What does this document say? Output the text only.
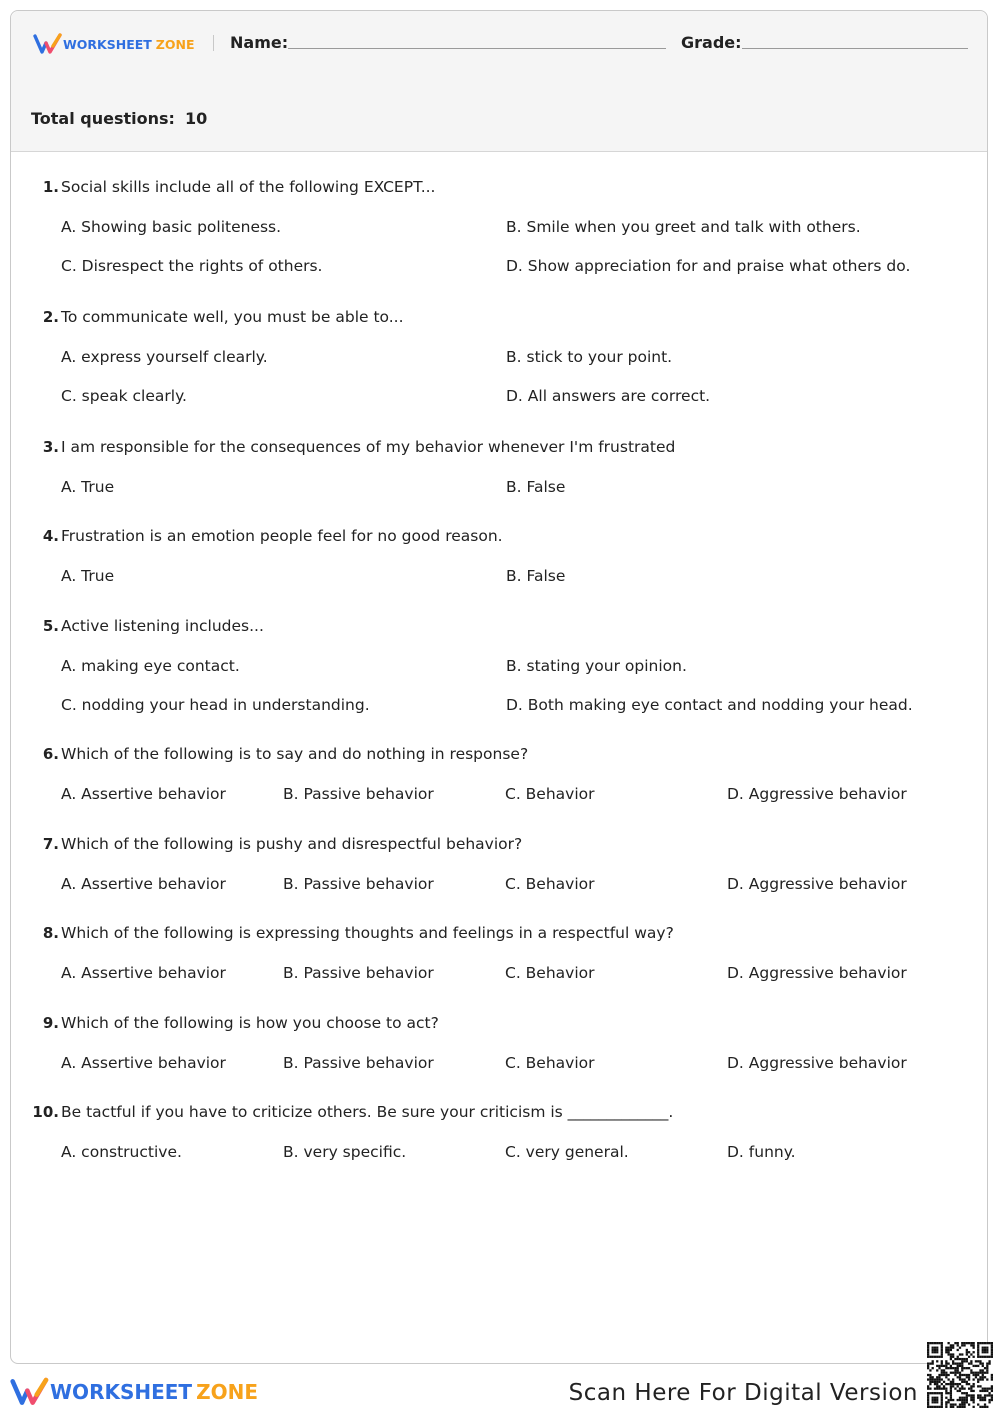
WORKSHEET ZONE Name:	Grade:
Total questions: 10
1. Social skills include all of the following EXCEPT...
A. Showing basic politeness.	B. Smile when you greet and talk with others.
C. Disrespect the rights of others.	D. Show appreciation for and praise what others do.
2. To communicate well, you must be able to...
A. express yourself clearly.	B. stick to your point.
C. speak clearly.	D. All answers are correct.
3. I am responsible for the consequences of my behavior whenever I'm frustrated
A. True	B. False
4. Frustration is an emotion people feel for no good reason.
A. True	B. False
5. Active listening includes...
A. making eye contact.	B. stating your opinion.
C. nodding your head in understanding.	D. Both making eye contact and nodding your head.
6. Which of the following is to say and do nothing in response?
A. Assertive behavior	B. Passive behavior	C. Behavior	D. Aggressive behavior
7. Which of the following is pushy and disrespectful behavior?
A. Assertive behavior	B. Passive behavior	C. Behavior	D. Aggressive behavior
8. Which of the following is expressing thoughts and feelings in a respectful way?
A. Assertive behavior	B. Passive behavior	C. Behavior	D. Aggressive behavior
9. Which of the following is how you choose to act?
A. Assertive behavior	B. Passive behavior	C. Behavior	D. Aggressive behavior
10. Be tactful if you have to criticize others. Be sure your criticism is _____________.
A. constructive.	B. very specific.	C. very general.	D. funny.
WORKSHEET ZONE	Scan Here For Digital Version
